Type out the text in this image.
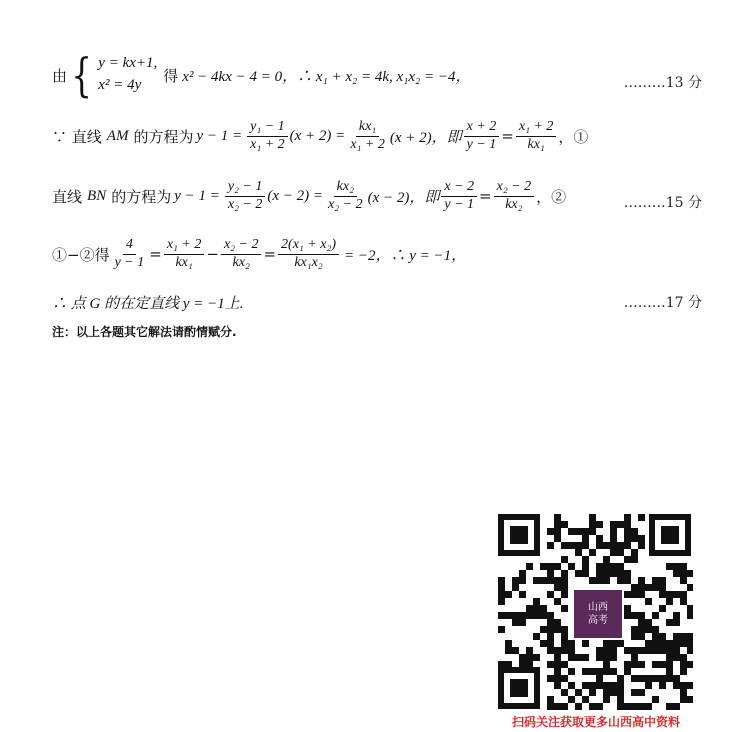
由 { y = kx+1,
x² = 4y
得 x² − 4kx − 4 = 0，∴ x₁ + x₂ = 4k, x₁x₂ = −4，	………13 分
∵ 直线 AM 的方程为 $y - 1 = \frac{\text{y₁ − 1}}{\text{x₁ + 2}} (x + 2) = \frac{\text{kx₁}}{\text{x₁ + 2}} (x + 2)$，即 $\frac{x + 2}{y - 1} = \frac{\text{x₁ + 2}}{\text{kx₁}}$ ，①
直线 BN 的方程为 $y - 1 = \frac{\text{y₂ − 1}}{\text{x₂ − 2}} (x - 2) = \frac{\text{kx₂}}{\text{x₂ − 2}} (x - 2)$，即 $\frac{x - 2}{y - 1} = \frac{\text{x₂ − 2}}{\text{kx₂}}$ ，②	………15 分
①−②得 $\frac{4}{y - 1} = \frac{\text{x₁ + 2}}{\text{kx₁}} - \frac{\text{x₂ − 2}}{\text{kx₂}} = \frac{\text{2(x₁ + x₂)}}{\text{kx₁x₂}} = -2$，∴ y = −1，
∴ 点 G 的在定直线 y = −1上.	………17 分
注：以上各题其它解法请酌情赋分.
山西
高考
扫码关注获取更多山西高中资料
